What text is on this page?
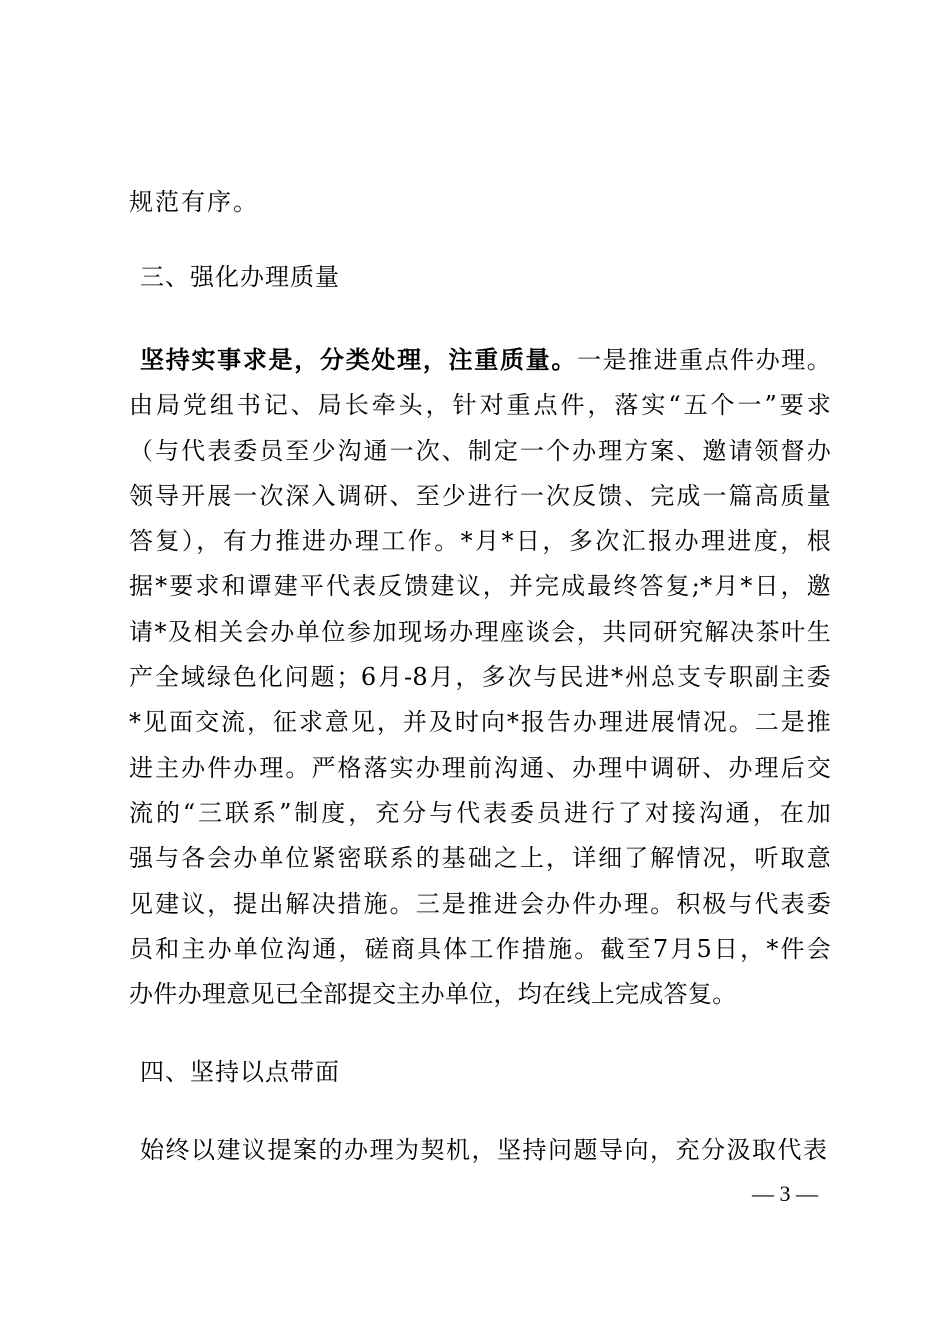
规范有序。
三、强化办理质量
坚持实事求是，分类处理，注重质量。一是推进重点件办理。
由局党组书记、局长牵头，针对重点件，落实“五个一”要求
（与代表委员至少沟通一次、制定一个办理方案、邀请领督办
领导开展一次深入调研、至少进行一次反馈、完成一篇高质量
答复），有力推进办理工作。*月*日，多次汇报办理进度，根
据*要求和谭建平代表反馈建议，并完成最终答复;*月*日，邀
请*及相关会办单位参加现场办理座谈会，共同研究解决茶叶生
产全域绿色化问题；6月-8月，多次与民进*州总支专职副主委
*见面交流，征求意见，并及时向*报告办理进展情况。二是推
进主办件办理。严格落实办理前沟通、办理中调研、办理后交
流的“三联系”制度，充分与代表委员进行了对接沟通，在加
强与各会办单位紧密联系的基础之上，详细了解情况，听取意
见建议，提出解决措施。三是推进会办件办理。积极与代表委
员和主办单位沟通，磋商具体工作措施。截至7月5日，*件会
办件办理意见已全部提交主办单位，均在线上完成答复。
四、坚持以点带面
始终以建议提案的办理为契机，坚持问题导向，充分汲取代表
— 3 —
